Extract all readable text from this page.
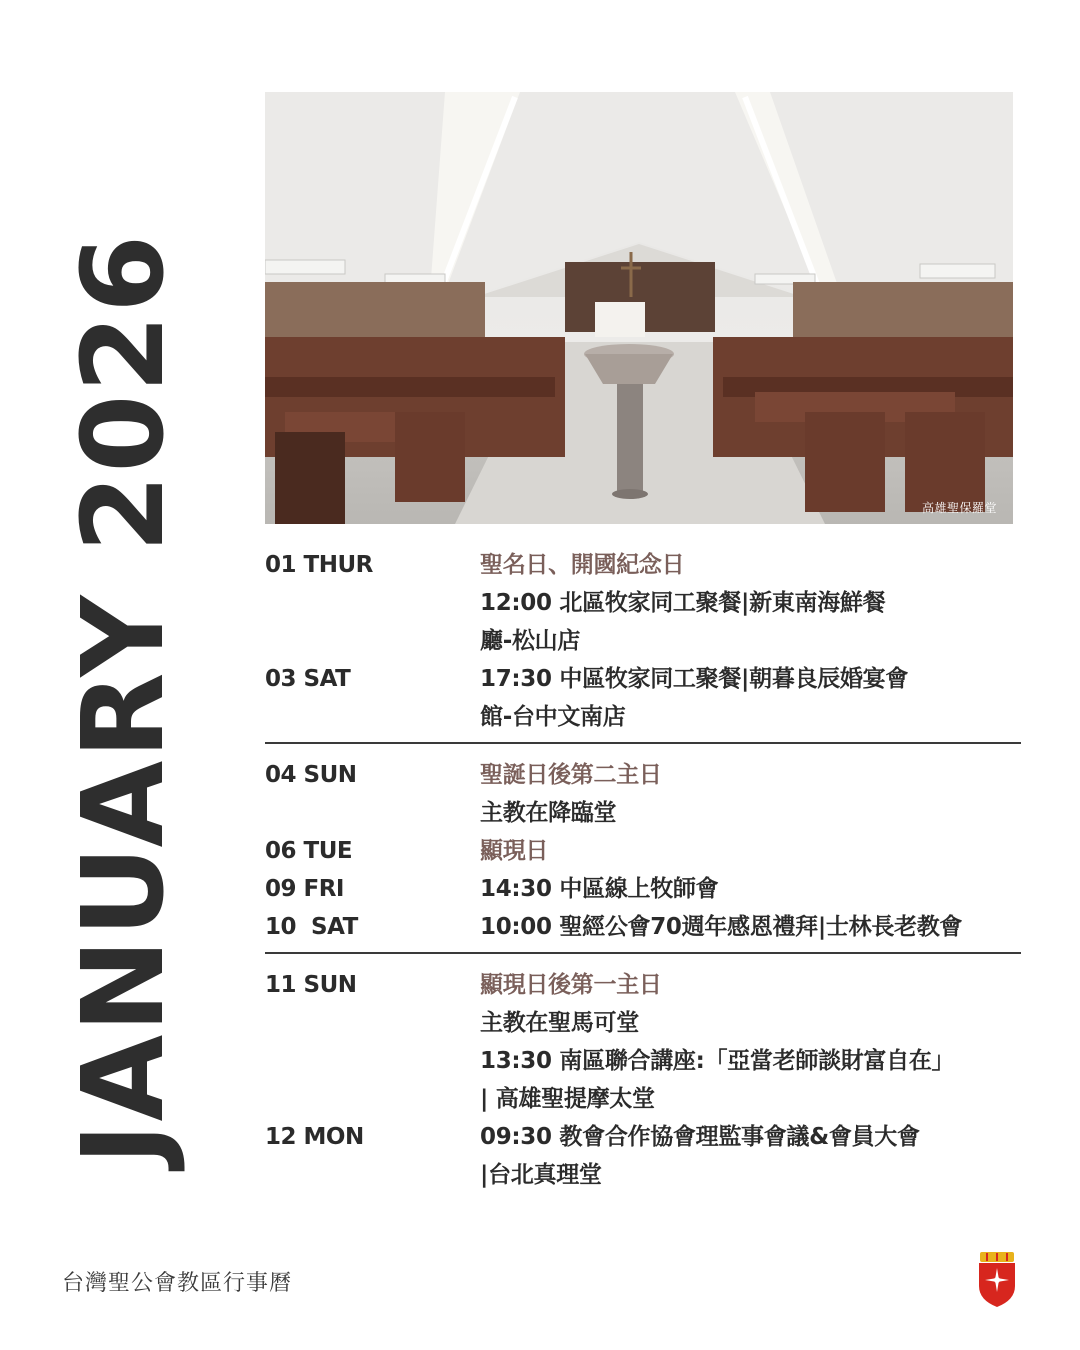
JANUARY 2026	高雄聖保羅堂
01 THUR	聖名日、開國紀念日
12:00 北區牧家同工聚餐|新東南海鮮餐
廳-松山店
03 SAT	17:30 中區牧家同工聚餐|朝暮良辰婚宴會
館-台中文南店
04 SUN	聖誕日後第二主日
主教在降臨堂
06 TUE	顯現日
09 FRI	14:30 中區線上牧師會
10  SAT	10:00 聖經公會70週年感恩禮拜|士林長老教會
11 SUN	顯現日後第一主日
主教在聖馬可堂
13:30 南區聯合講座:「亞當老師談財富自在」
| 高雄聖提摩太堂
12 MON	09:30 教會合作協會理監事會議&會員大會
|台北真理堂
台灣聖公會教區行事曆
